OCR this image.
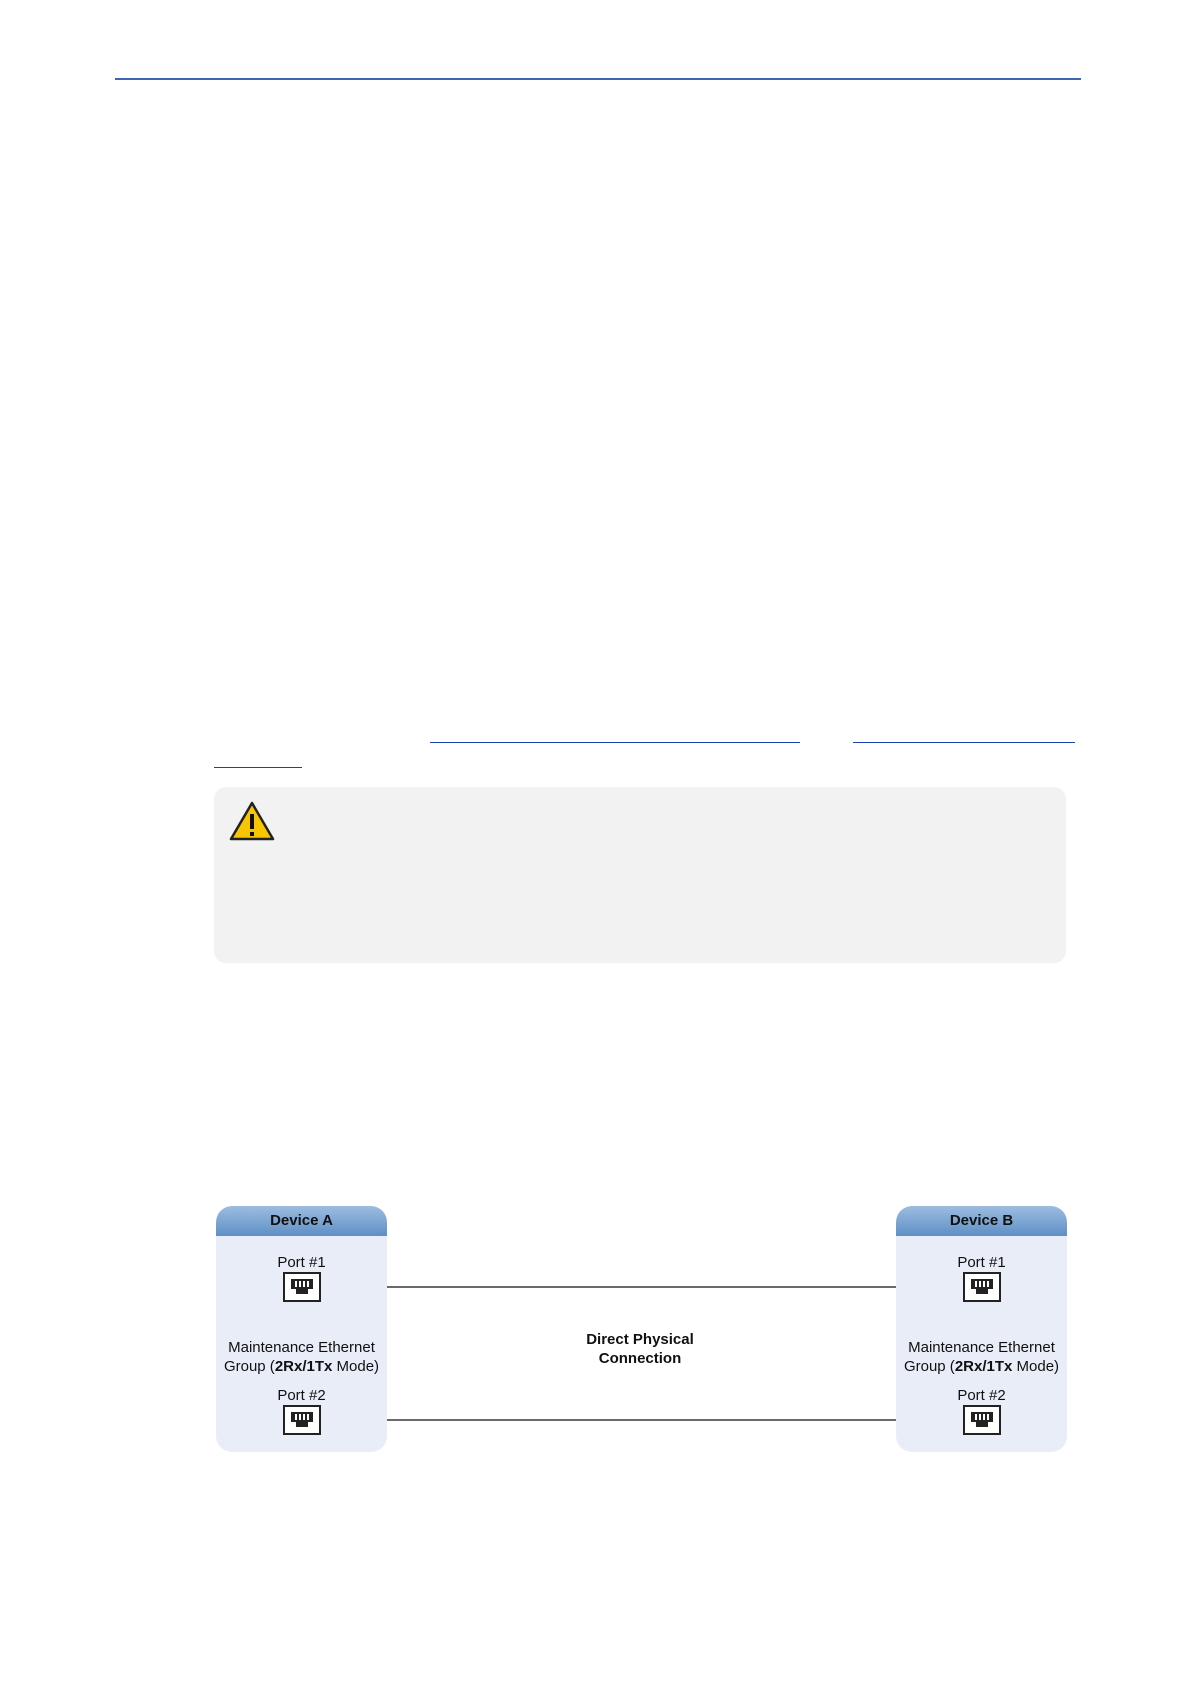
Device A
Port #1
Maintenance Ethernet
Group (2Rx/1Tx Mode)
Port #2
Device B
Port #1
Maintenance Ethernet
Group (2Rx/1Tx Mode)
Port #2
Direct Physical
Connection
